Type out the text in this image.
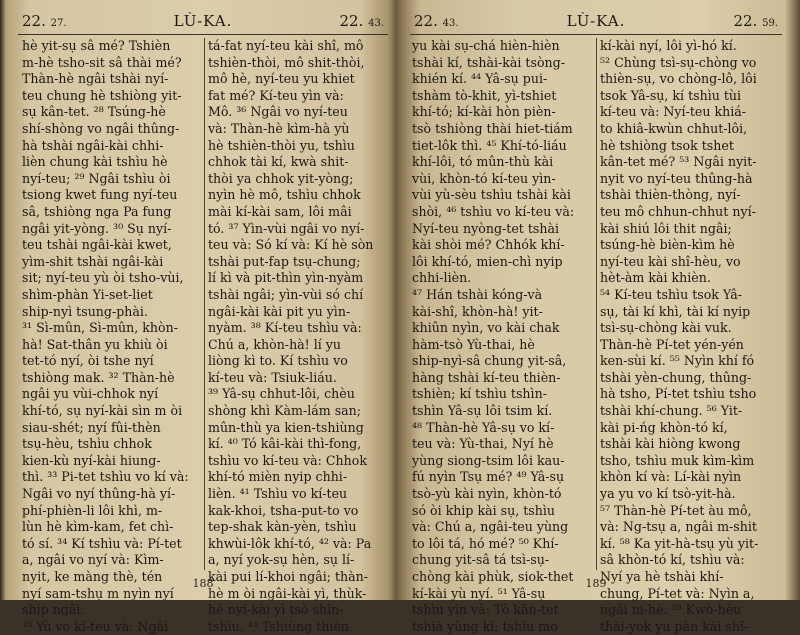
22. 27.	LÙ-KA.	22. 43.

hè yit-sụ sâ mé? Tshièn

m-hè tsho-sit sâ thài mé?

Thàn-hè ngâi tshài nyí-

teu chung hè tshiòng yit-

sụ kân-tet. ²⁸ Tsúng-hè

shí-shòng vo ngâi thûng-

hà tshài ngâi-kài chhi-

lièn chung kài tshìu hè

nyí-teu; ²⁹ Ngâi tshìu òi

tsiong kwet fung nyí-teu

sâ, tshiòng nga Pa fung

ngâi yit-yòng. ³⁰ Sụ nyí-

teu tshài ngâi-kài kwet,

yìm-shit tshài ngâi-kài

sit; nyí-teu yù òi tsho-vùi,

shìm-phàn Yi-set-liet

ship-nyì tsung-phài.

³¹ Sì-mûn, Sì-mûn, khòn-

hà! Sat-thân yu khiù òi

tet-tó nyí, òi tshe nyí

tshiòng mak. ³² Thàn-hè

ngâi yu vùi-chhok nyí

khí-tó, sụ nyí-kài sìn m òi

siau-shét; nyí fûi-thèn

tsụ-hèu, tshìu chhok

kien-kù nyí-kài hiung-

thì. ³³ Pi-tet tshìu vo kí và:

Ngâi vo nyí thûng-hà yí-

phí-phièn-li lôi khì, m-

lùn hè kìm-kam, fet chì-

tó sí. ³⁴ Kí tshìu và: Pí-tet

a, ngâi vo nyí và: Kìm-

nyit, ke màng thè, tén

nyí sam-tshụ m nyìn nyí

ship ngâi.

³⁵ Yù vo kí-teu và: Ngâi

tá-fat nyí-teu kài shî, mô

tshièn-thòi, mô shit-thòi,

mô hè, nyí-teu yu khiet

fat mé? Kí-teu yìn và:

Mô. ³⁶ Ngâi vo nyí-teu

và: Thàn-hè kìm-hà yù

hè tshièn-thòi yu, tshìu

chhok tài kí, kwà shit-

thòi ya chhok yit-yòng;

nyìn hè mô, tshìu chhok

mài kí-kài sam, lôi mâi

tó. ³⁷ Yìn-vùi ngâi vo nyí-

teu và: Só kí và: Kí hè sòn

tshài put-fap tsụ-chung;

lí kì và pit-thìn yìn-nyàm

tshài ngâi; yìn-vùi só chí

ngâi-kài kài pit yu yìn-

nyàm. ³⁸ Kí-teu tshìu và:

Chú a, khòn-hà! lí yu

liòng kì to. Kí tshìu vo

kí-teu và: Tsiuk-liáu.

³⁹ Yâ-sụ chhut-lôi, chèu

shòng khì Kàm-lám san;

mûn-thù ya kien-tshiùng

kí. ⁴⁰ Tó kâi-kài thì-fong,

tshìu vo kí-teu và: Chhok

khí-tó mièn nyip chhi-

lièn. ⁴¹ Tshìu vo kí-teu

kak-khoi, tsha-put-to vo

tep-shak kàn-yèn, tshìu

khwùi-lôk khí-tó, ⁴² và: Pa

a, nyí yok-sụ hèn, sụ lí-

kài pui lí-khoi ngâi; thàn-

hè m òi ngâi-kài yì, thùk-

hè nyí-kài yì tsò shìn-

tshìu. ⁴³ Tshiùng thièn

188
22. 43.	LÙ-KA.	22. 59.

yu kài sụ-chá hièn-hièn

tshài kí, tshài-kài tsòng-

khién kí. ⁴⁴ Yâ-sụ pui-

tshàm tò-khit, yì-tshiet

khí-tó; kí-kài hòn pièn-

tsò tshiòng thài hiet-tiám

tiet-lôk thì. ⁴⁵ Khí-tó-liáu

khí-lôi, tó mûn-thù kài

vùi, khòn-tó kí-teu yìn-

vùi yù-sèu tshìu tshài kài

shòi, ⁴⁶ tshìu vo kí-teu và:

Nyí-teu nyòng-tet tshài

kài shòi mé? Chhók khí-

lôi khí-tó, mien-chì nyip

chhi-lièn.

⁴⁷ Hán tshài kóng-và

kài-shî, khòn-hà! yit-

khiûn nyìn, vo kài chak

hàm-tsò Yù-thai, hè

ship-nyì-sâ chung yit-sâ,

hàng tshài kí-teu thièn-

tshièn; kí tshìu tshìn-

tshìn Yâ-sụ lôi tsim kí.

⁴⁸ Thàn-hè Yâ-sụ vo kí-

teu và: Yù-thai, Nyí hè

yùng siong-tsim lôi kau-

fú nyìn Tsụ mé? ⁴⁹ Yâ-sụ

tsò-yù kài nyìn, khòn-tó

só òi khip kài sụ, tshìu

và: Chú a, ngâi-teu yùng

to lôi tá, hó mé? ⁵⁰ Khí-

chung yit-sâ tá tsì-sụ-

chòng kài phùk, siok-thet

kí-kài yù nyí. ⁵¹ Yâ-sụ

tshìu yìn và: Tò kân-tet

tshiá yùng kí; tshìu mo

kí-kài nyí, lôi yì-hó kí.

⁵² Chùng tsì-sụ-chòng vo

thièn-sụ, vo chòng-lô, lôi

tsok Yâ-sụ, kí tshìu tùi

kí-teu và: Nyí-teu khiá-

to khiâ-kwùn chhut-lôi,

hè tshiòng tsok tshet

kân-tet mé? ⁵³ Ngâi nyit-

nyit vo nyí-teu thûng-hà

tshài thièn-thòng, nyí-

teu mô chhun-chhut nyí-

kài shiú lôi thit ngâi;

tsúng-hè bièn-kìm hè

nyí-teu kài shî-hèu, vo

hèt-àm kài khièn.

⁵⁴ Kí-teu tshìu tsok Yâ-

sụ, tài kí khì, tài kí nyip

tsì-sụ-chòng kài vuk.

Thàn-hè Pí-tet yén-yén

ken-sùi kí. ⁵⁵ Nyìn khí fó

tshài yèn-chung, thûng-

hà tsho, Pí-tet tshìu tsho

tshài khí-chung. ⁵⁶ Yit-

kài pi-ńg khòn-tó kí,

tshài kài hiòng kwong

tsho, tshìu muk kìm-kìm

khòn kí và: Lí-kài nyìn

ya yu vo kí tsò-yit-hà.

⁵⁷ Thàn-hè Pí-tet àu mô,

và: Ng-tsụ a, ngâi m-shit

kí. ⁵⁸ Ka yit-hà-tsụ yù yit-

sâ khòn-tó kí, tshìu và:

Nyí ya hè tshài khí-

chung, Pí-tet và: Nyìn a,

ngâi m-hè. ⁵⁹ Kwò-hèu

thài-yok yu pàn kài shî-

189
